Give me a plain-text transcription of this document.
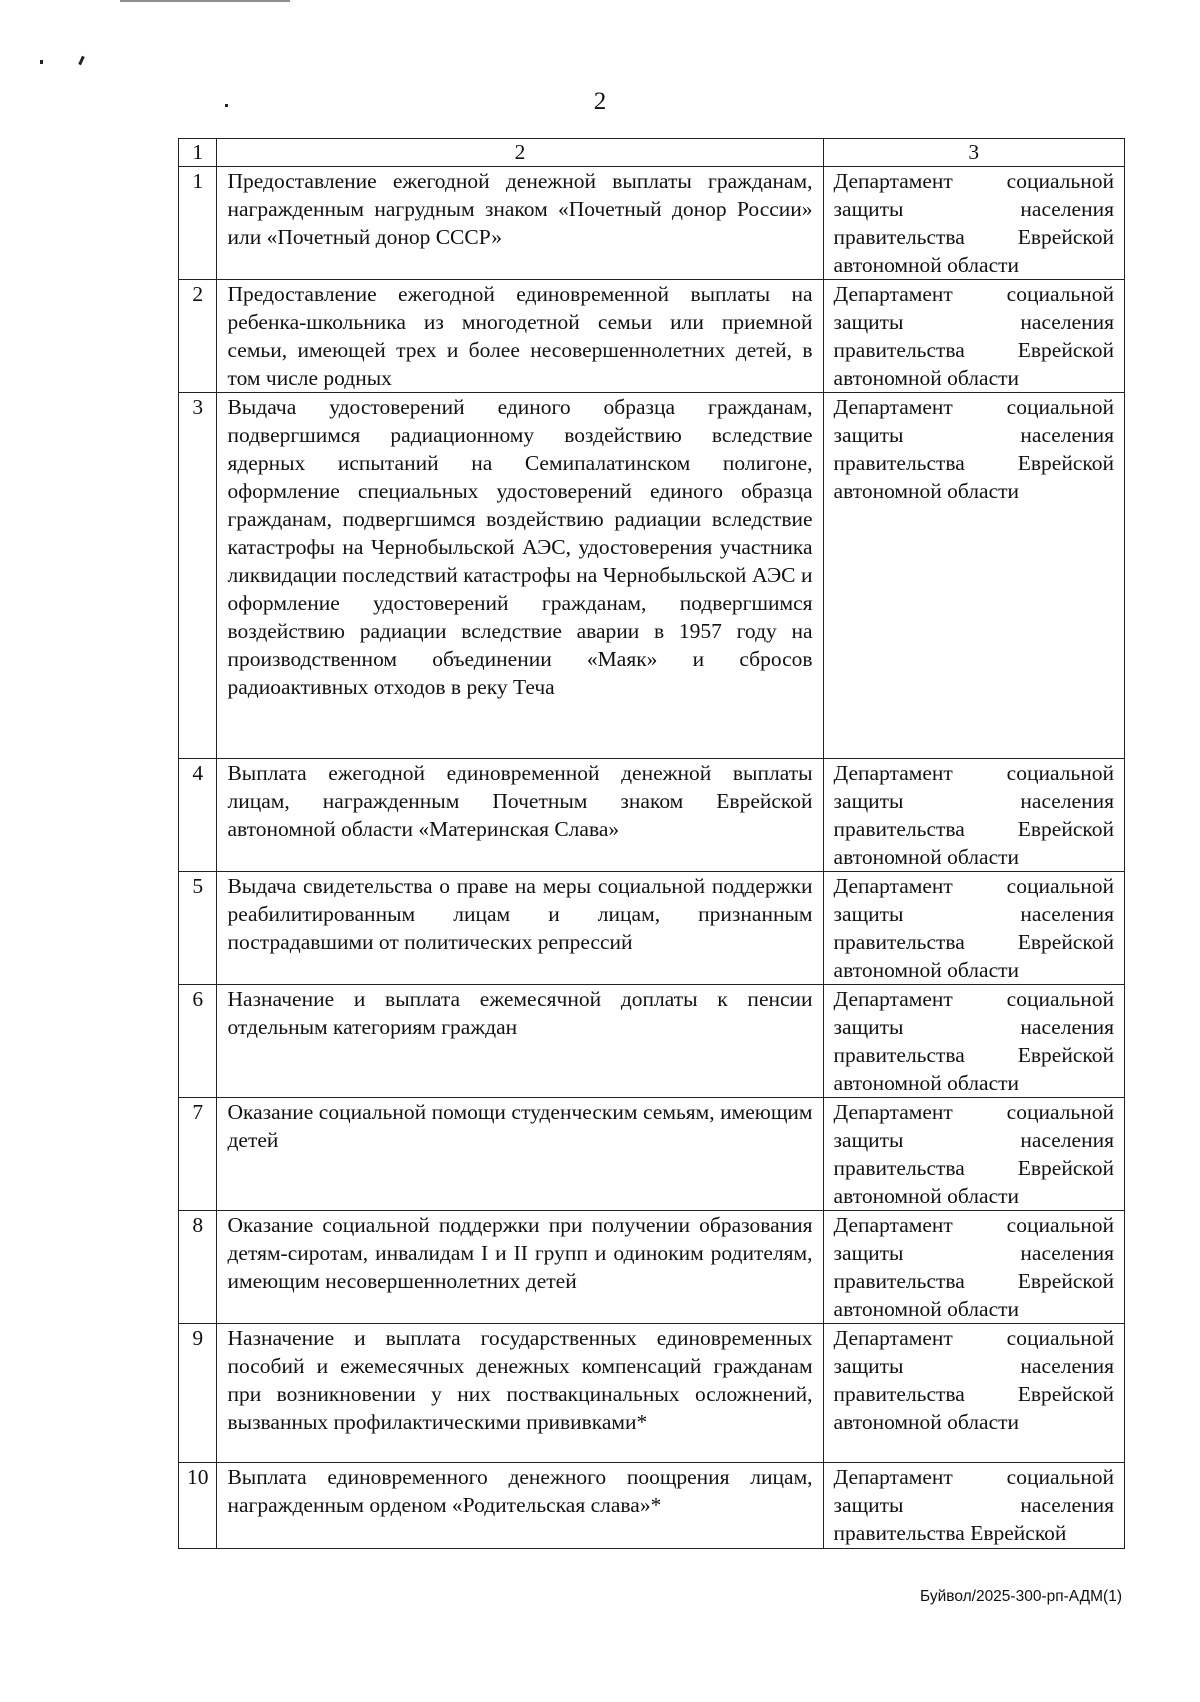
2
1	2	3
1	Предоставление ежегодной денежной выплаты гражданам, награжденным нагрудным знаком «Почетный донор России» или «Почетный донор СССР»	Департамент социальной защиты населения правительства Еврейской автономной области
2	Предоставление ежегодной единовременной выплаты на ребенка-школьника из многодетной семьи или приемной семьи, имеющей трех и более несовершеннолетних детей, в том числе родных	Департамент социальной защиты населения правительства Еврейской автономной области
3	Выдача удостоверений единого образца гражданам, подвергшимся радиационному воздействию вследствие ядерных испытаний на Семипалатинском полигоне, оформление специальных удостоверений единого образца гражданам, подвергшимся воздействию радиации вследствие катастрофы на Чернобыльской АЭС, удостоверения участника ликвидации последствий катастрофы на Чернобыльской АЭС и оформление удостоверений гражданам, подвергшимся воздействию радиации вследствие аварии в 1957 году на производственном объединении «Маяк» и сбросов радиоактивных отходов в реку Теча	Департамент социальной защиты населения правительства Еврейской автономной области
4	Выплата ежегодной единовременной денежной выплаты лицам, награжденным Почетным знаком Еврейской автономной области «Материнская Слава»	Департамент социальной защиты населения правительства Еврейской автономной области
5	Выдача свидетельства о праве на меры социальной поддержки реабилитированным лицам и лицам, признанным пострадавшими от политических репрессий	Департамент социальной защиты населения правительства Еврейской автономной области
6	Назначение и выплата ежемесячной доплаты к пенсии отдельным категориям граждан	Департамент социальной защиты населения правительства Еврейской автономной области
7	Оказание социальной помощи студенческим семьям, имеющим детей	Департамент социальной защиты населения правительства Еврейской автономной области
8	Оказание социальной поддержки при получении образования детям-сиротам, инвалидам I и II групп и одиноким родителям, имеющим несовершеннолетних детей	Департамент социальной защиты населения правительства Еврейской автономной области
9	Назначение и выплата государственных единовременных пособий и ежемесячных денежных компенсаций гражданам при возникновении у них поствакцинальных осложнений, вызванных профилактическими прививками*	Департамент социальной защиты населения правительства Еврейской автономной области
10	Выплата единовременного денежного поощрения лицам, награжденным орденом «Родительская слава»*	Департамент социальной защиты населения правительства Еврейской
Буйвол/2025-300-рп-АДМ(1)
